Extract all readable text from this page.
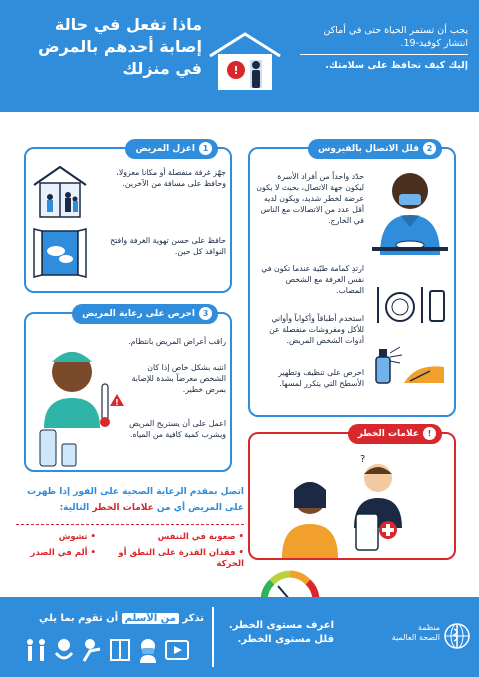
ماذا تفعل في حالة إصابة أحدهم بالمرض في منزلك	!
يجب أن تستمر الحياة حتى في أماكن انتشار كوفيد-19.
إليك كيف تحافظ على سلامتك.
1اعزل المريض
جهّز غرفة منفصلة أو مكانا معزولا، وحافظ على مسافة من الآخرين.
حافظ على حسن تهوية الغرفة وافتح النوافذ كل حين.
2قلل الاتصال بالفيروس
حدّد واحداً من أفراد الأسرة ليكون جهة الاتصال، بحيث لا يكون عرضة لخطر شديد، ويكون لديه أقل عدد من الاتصالات مع الناس في الخارج.
ارتدِ كمامة طبّية عندما تكون في نفس الغرفة مع الشخص المصاب.
استخدم أطباقاً وأكواباً وأواني للأكل ومفروشات منفصلة عن أدوات الشخص المريض.
احرص على تنظيف وتطهير الأسطح التي يتكرر لمسها.
3احرص على رعاية المريض
!
راقب أعراض المريض بانتظام.
انتبه بشكل خاص إذا كان الشخص معرضاً بشدة للإصابة بمرض خطير.
اعمل على أن يستريح المريض ويشرب كمية كافية من المياه.	!علامات الخطر
?
اتصل بمقدم الرعاية الصحية على الفور إذا ظهرت
على المريض أي من علامات الخطر التالية:
• صعوبة في التنفس
• تشوش
• فقدان القدرة على النطق أو الحركة
• ألم في الصدر
تذكر من الأسلم أن تقوم بما يلي
اعرف مستوى الخطر.
قلل مستوى الخطر.
منظمة
الصحة العالمية
